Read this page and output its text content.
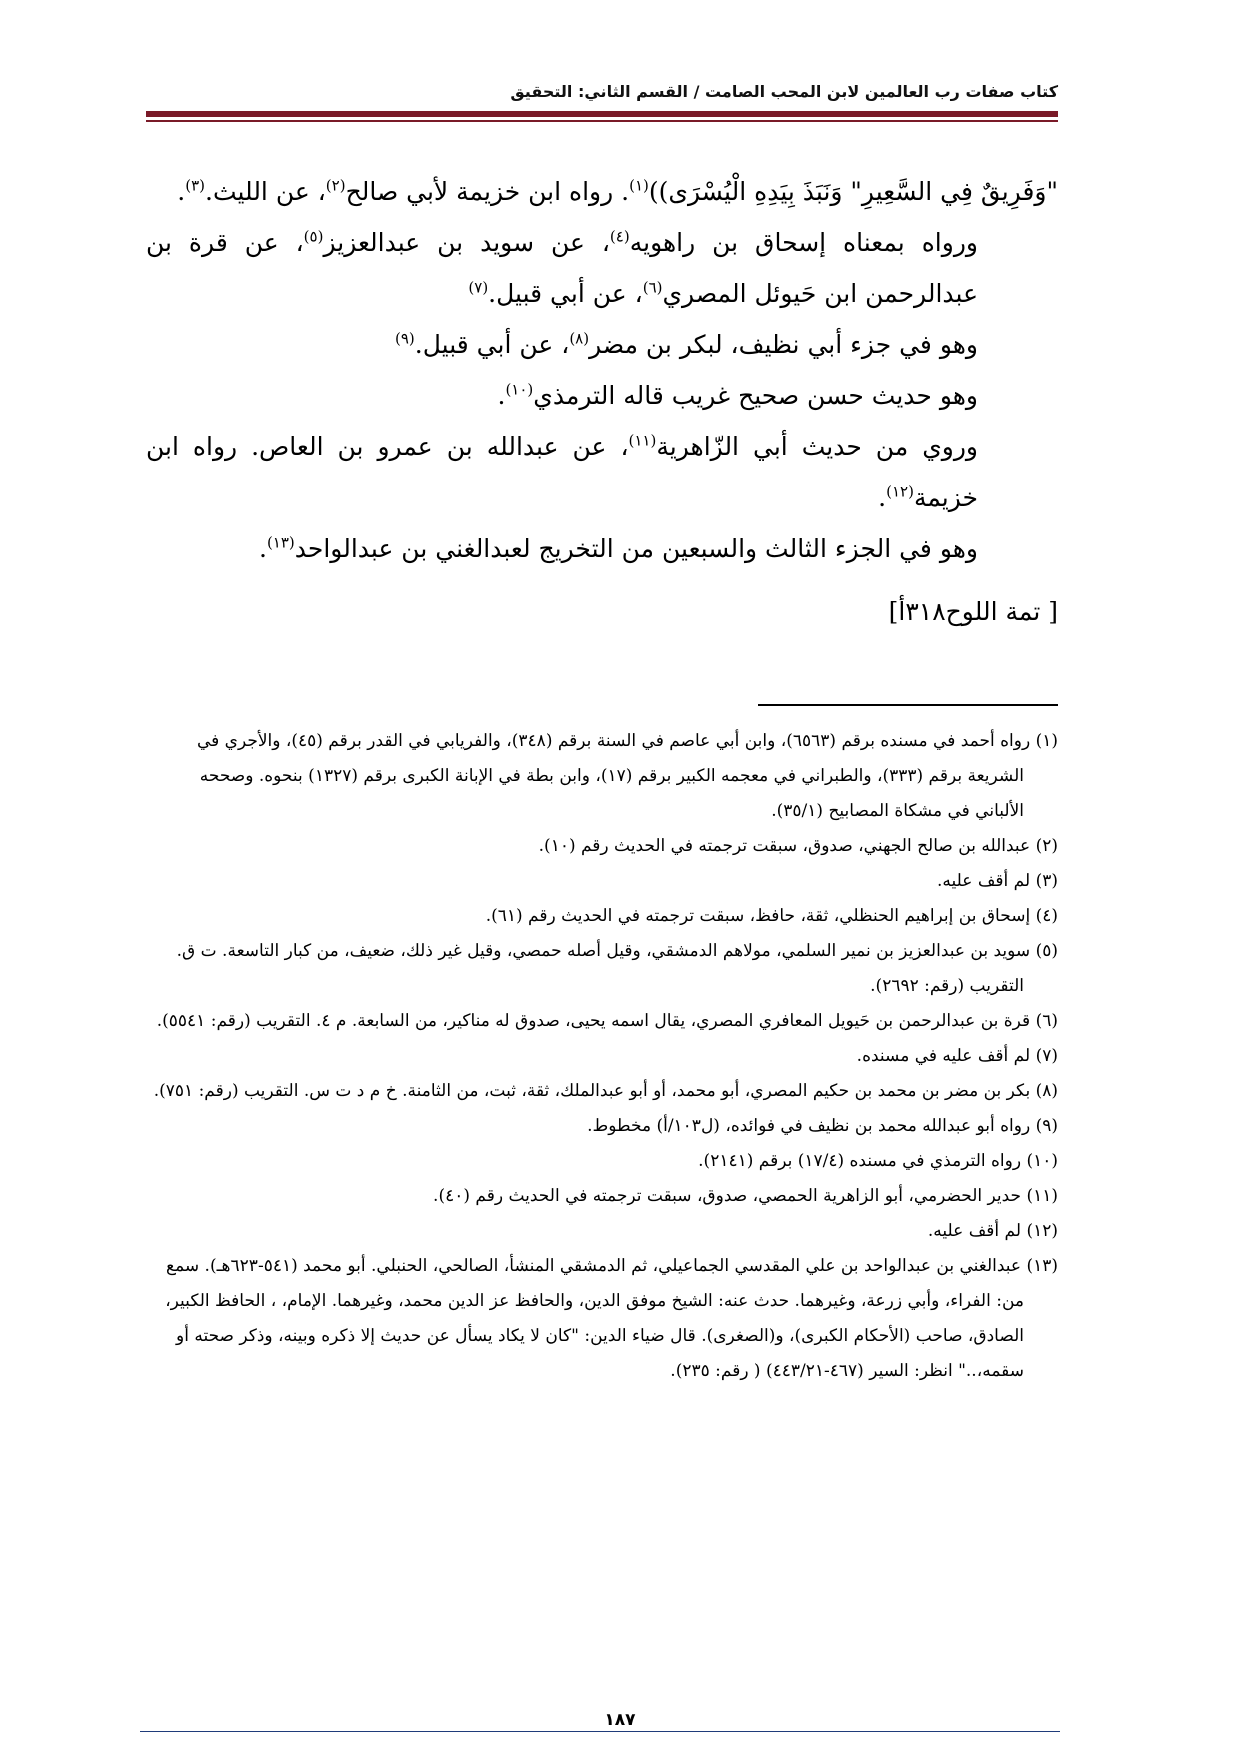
كتاب صفات رب العالمين لابن المحب الصامت / القسم الثاني: التحقيق

"وَفَرِيقٌ فِي السَّعِيرِ" وَنَبَذَ بِيَدِهِ الْيُسْرَى))$^{(١)}$. رواه ابن خزيمة لأبي صالح$^{(٢)}$، عن الليث.$^{(٣)}$.

ورواه بمعناه إسحاق بن راهويه$^{(٤)}$، عن سويد بن عبدالعزيز$^{(٥)}$، عن قرة بن عبدالرحمن ابن حَيوئل المصري$^{(٦)}$، عن أبي قبيل.$^{(٧)}$

وهو في جزء أبي نظيف، لبكر بن مضر$^{(٨)}$، عن أبي قبيل.$^{(٩)}$

وهو حديث حسن صحيح غريب قاله الترمذي$^{(١٠)}$.

وروي من حديث أبي الزّاهرية$^{(١١)}$، عن عبدالله بن عمرو بن العاص. رواه ابن خزيمة$^{(١٢)}$.

وهو في الجزء الثالث والسبعين من التخريج لعبدالغني بن عبدالواحد$^{(١٣)}$.

[ تمة اللوح٣١٨أ]

(١) رواه أحمد في مسنده برقم (٦٥٦٣)، وابن أبي عاصم في السنة برقم (٣٤٨)، والفريابي في القدر برقم (٤٥)، والأجري في الشريعة برقم (٣٣٣)، والطبراني في معجمه الكبير برقم (١٧)، وابن بطة في الإبانة الكبرى برقم (١٣٢٧) بنحوه. وصححه الألباني في مشكاة المصابيح (٣٥/١).

(٢) عبدالله بن صالح الجهني، صدوق، سبقت ترجمته في الحديث رقم (١٠).

(٣) لم أقف عليه.

(٤) إسحاق بن إبراهيم الحنظلي، ثقة، حافظ، سبقت ترجمته في الحديث رقم (٦١).

(٥) سويد بن عبدالعزيز بن نمير السلمي، مولاهم الدمشقي، وقيل أصله حمصي، وقيل غير ذلك، ضعيف، من كبار التاسعة. ت ق. التقريب (رقم: ٢٦٩٢).

(٦) قرة بن عبدالرحمن بن حَيويل المعافري المصري، يقال اسمه يحيى، صدوق له مناكير، من السابعة. م ٤. التقريب (رقم: ٥٥٤١).

(٧) لم أقف عليه في مسنده.

(٨) بكر بن مضر بن محمد بن حكيم المصري، أبو محمد، أو أبو عبدالملك، ثقة، ثبت، من الثامنة. خ م د ت س. التقريب (رقم: ٧٥١).

(٩) رواه أبو عبدالله محمد بن نظيف في فوائده، (ل١٠٣/أ) مخطوط.

(١٠) رواه الترمذي في مسنده (١٧/٤) برقم (٢١٤١).

(١١) حدير الحضرمي، أبو الزاهرية الحمصي، صدوق، سبقت ترجمته في الحديث رقم (٤٠).

(١٢) لم أقف عليه.

(١٣) عبدالغني بن عبدالواحد بن علي المقدسي الجماعيلي، ثم الدمشقي المنشأ، الصالحي، الحنبلي. أبو محمد (٥٤١-٦٢٣هـ). سمع من: الفراء، وأبي زرعة، وغيرهما. حدث عنه: الشيخ موفق الدين، والحافظ عز الدين محمد، وغيرهما. الإمام، ، الحافظ الكبير، الصادق، صاحب (الأحكام الكبرى)، و(الصغرى). قال ضياء الدين: "كان لا يكاد يسأل عن حديث إلا ذكره وبينه، وذكر صحته أو سقمه،.." انظر: السير (٤٦٧-٤٤٣/٢١) ( رقم: ٢٣٥).

١٨٧
